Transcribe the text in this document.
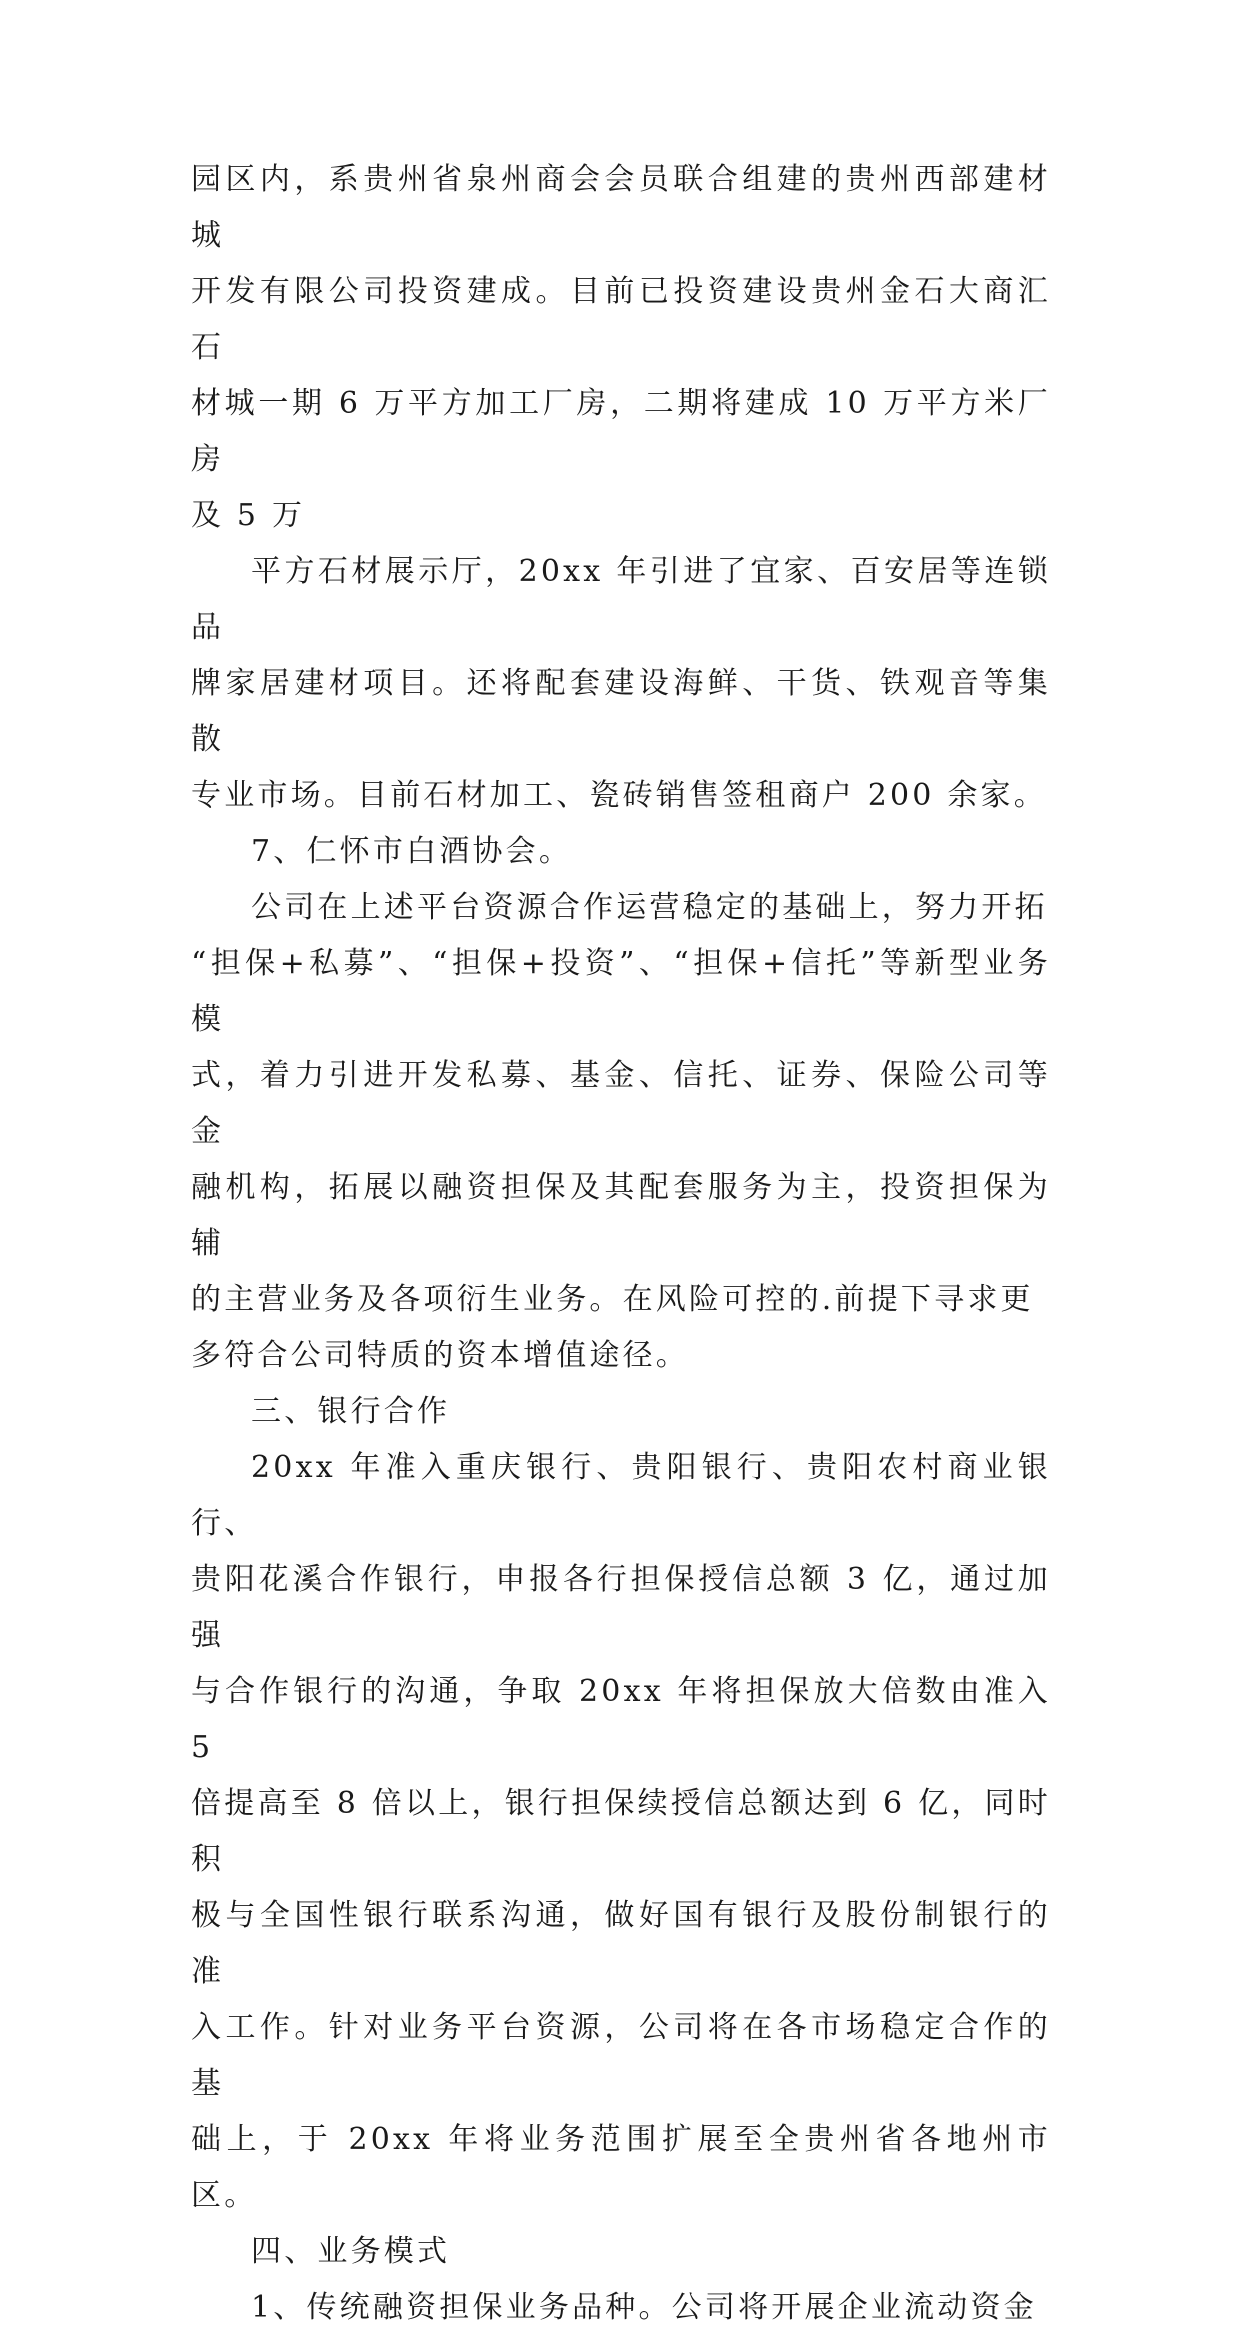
园区内，系贵州省泉州商会会员联合组建的贵州西部建材城
开发有限公司投资建成。目前已投资建设贵州金石大商汇石
材城一期 6 万平方加工厂房，二期将建成 10 万平方米厂房
及 5 万

平方石材展示厅，20xx 年引进了宜家、百安居等连锁品
牌家居建材项目。还将配套建设海鲜、干货、铁观音等集散
专业市场。目前石材加工、瓷砖销售签租商户 200 余家。

7、仁怀市白酒协会。

公司在上述平台资源合作运营稳定的基础上，努力开拓
“担保+私募”、“担保+投资”、“担保+信托”等新型业务模
式，着力引进开发私募、基金、信托、证券、保险公司等金
融机构，拓展以融资担保及其配套服务为主，投资担保为辅
的主营业务及各项衍生业务。在风险可控的.前提下寻求更
多符合公司特质的资本增值途径。

三、银行合作

20xx 年准入重庆银行、贵阳银行、贵阳农村商业银行、
贵阳花溪合作银行，申报各行担保授信总额 3 亿，通过加强
与合作银行的沟通，争取 20xx 年将担保放大倍数由准入 5
倍提高至 8 倍以上，银行担保续授信总额达到 6 亿，同时积
极与全国性银行联系沟通，做好国有银行及股份制银行的准
入工作。针对业务平台资源，公司将在各市场稳定合作的基
础上，于 20xx 年将业务范围扩展至全贵州省各地州市区。

四、业务模式

1、传统融资担保业务品种。公司将开展企业流动资金
